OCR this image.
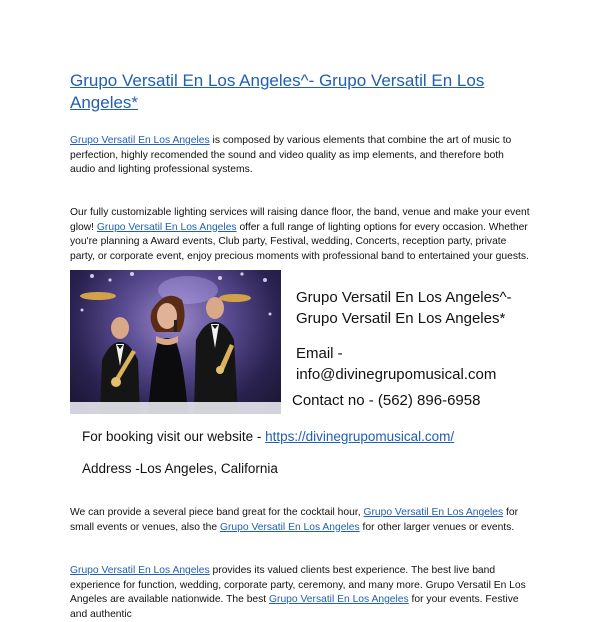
Grupo Versatil En Los Angeles^- Grupo Versatil En Los Angeles*
Grupo Versatil En Los Angeles is composed by various elements that combine the art of music to perfection, highly recomended the sound and video quality as imp elements, and therefore both audio and lighting professional systems.
Our fully customizable lighting services will raising dance floor, the band, venue and make your event glow! Grupo Versatil En Los Angeles offer a full range of lighting options for every occasion. Whether you're planning a Award events, Club party, Festival, wedding, Concerts, reception party, private party, or corporate event, enjoy precious moments with professional band to entertained your guests.
Grupo Versatil En Los Angeles^- Grupo Versatil En Los Angeles*
Email -
info@divinegrupomusical.com
Contact no - (562) 896-6958
For booking visit our website - https://divinegrupomusical.com/
Address -Los Angeles, California
We can provide a several piece band great for the cocktail hour, Grupo Versatil En Los Angeles for small events or venues, also the Grupo Versatil En Los Angeles for other larger venues or events.
Grupo Versatil En Los Angeles provides its valued clients best experience. The best live band experience for function, wedding, corporate party, ceremony, and many more. Grupo Versatil En Los Angeles are available nationwide. The best Grupo Versatil En Los Angeles for your events. Festive and authentic
